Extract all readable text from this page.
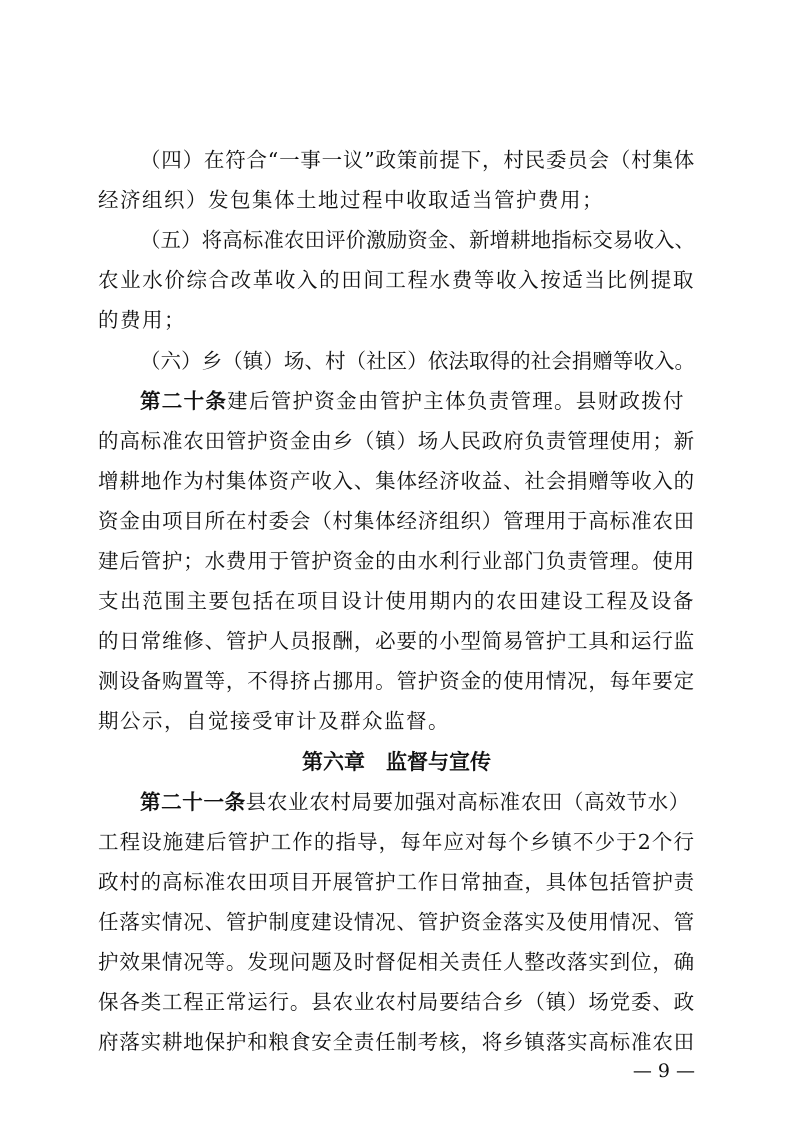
（四）在符合“一事一议”政策前提下，村民委员会（村集体
经济组织）发包集体土地过程中收取适当管护费用；
（五）将高标准农田评价激励资金、新增耕地指标交易收入、
农业水价综合改革收入的田间工程水费等收入按适当比例提取
的费用；
（六）乡（镇）场、村（社区）依法取得的社会捐赠等收入。
第二十条建后管护资金由管护主体负责管理。县财政拨付
的高标准农田管护资金由乡（镇）场人民政府负责管理使用；新
增耕地作为村集体资产收入、集体经济收益、社会捐赠等收入的
资金由项目所在村委会（村集体经济组织）管理用于高标准农田
建后管护；水费用于管护资金的由水利行业部门负责管理。使用
支出范围主要包括在项目设计使用期内的农田建设工程及设备
的日常维修、管护人员报酬，必要的小型简易管护工具和运行监
测设备购置等，不得挤占挪用。管护资金的使用情况，每年要定
期公示，自觉接受审计及群众监督。
第六章　监督与宣传
第二十一条县农业农村局要加强对高标准农田（高效节水）
工程设施建后管护工作的指导，每年应对每个乡镇不少于2个行
政村的高标准农田项目开展管护工作日常抽查，具体包括管护责
任落实情况、管护制度建设情况、管护资金落实及使用情况、管
护效果情况等。发现问题及时督促相关责任人整改落实到位，确
保各类工程正常运行。县农业农村局要结合乡（镇）场党委、政
府落实耕地保护和粮食安全责任制考核，将乡镇落实高标准农田
— 9 —
